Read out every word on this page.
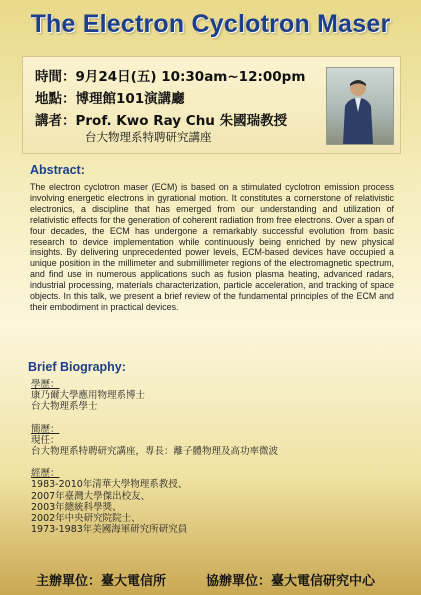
The Electron Cyclotron Maser
時間：9月24日(五) 10:30am~12:00pm
地點：博理館101演講廳
講者：Prof. Kwo Ray Chu 朱國瑞教授
台大物理系特聘研究講座
Abstract:
The electron cyclotron maser (ECM) is based on a stimulated cyclotron emission process involving energetic electrons in gyrational motion. It constitutes a cornerstone of relativistic electronics, a discipline that has emerged from our understanding and utilization of relativistic effects for the generation of coherent radiation from free electrons. Over a span of four decades, the ECM has undergone a remarkably successful evolution from basic research to device implementation while continuously being enriched by new physical insights. By delivering unprecedented power levels, ECM-based devices have occupied a unique position in the millimeter and submillimeter regions of the electromagnetic spectrum, and find use in numerous applications such as fusion plasma heating, advanced radars, industrial processing, materials characterization, particle acceleration, and tracking of space objects. In this talk, we present a brief review of the fundamental principles of the ECM and their embodiment in practical devices.
Brief Biography:
學歷：
康乃爾大學應用物理系博士
台大物理系學士
簡歷：
現任：
台大物理系特聘研究講座，專長：離子體物理及高功率微波
經歷：
1983-2010年清華大學物理系教授、
2007年臺灣大學傑出校友、
2003年總統科學獎、
2002年中央研究院院士、
1973-1983年美國海軍研究所研究員
主辦單位：臺大電信所	協辦單位：臺大電信研究中心
